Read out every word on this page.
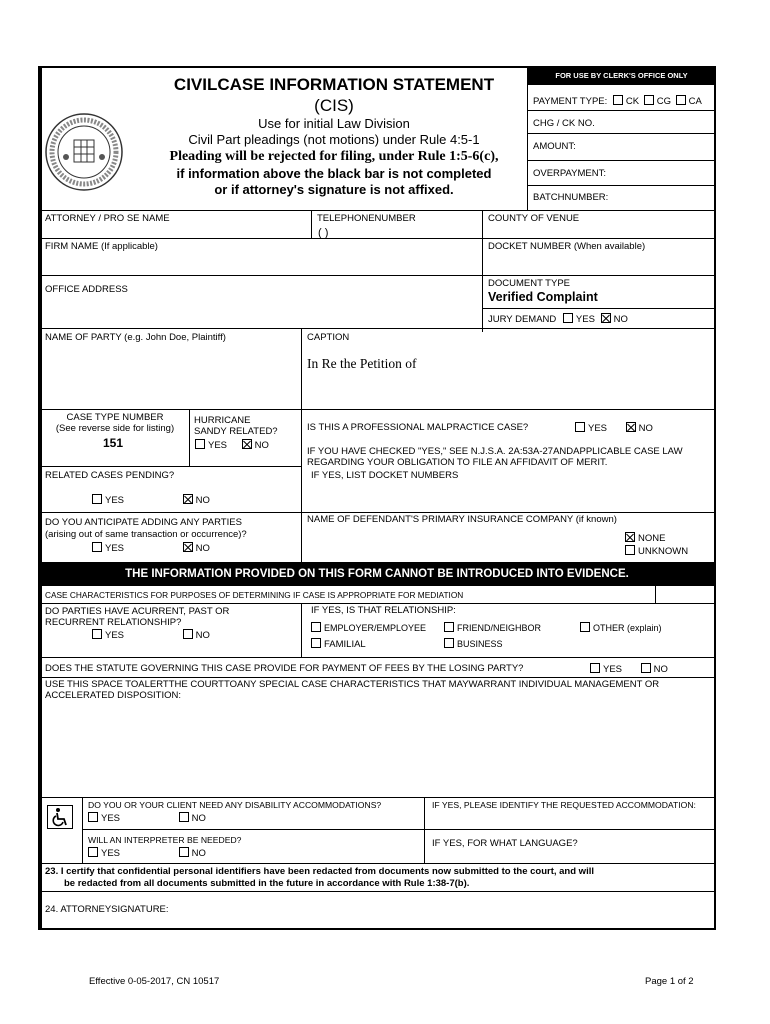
CIVILCASE INFORMATION STATEMENT
(CIS)
Use for initial Law Division
Civil Part pleadings (not motions) under Rule 4:5-1
Pleading will be rejected for filing, under Rule 1:5-6(c),
if information above the black bar is not completed
or if attorney's signature is not affixed.
FOR USE BY CLERK'S OFFICE ONLY
PAYMENT TYPE: CK CG CA
CHG / CK NO.
AMOUNT:
OVERPAYMENT:
BATCHNUMBER:
ATTORNEY / PRO SE NAME	TELEPHONENUMBER
( )
COUNTY OF VENUE
FIRM NAME (If applicable)	DOCKET NUMBER (When available)
OFFICE ADDRESS
DOCUMENT TYPE
Verified Complaint
JURY DEMAND YES NO
NAME OF PARTY (e.g. John Doe, Plaintiff)	CAPTION
In Re the Petition of
CASE TYPE NUMBER
(See reverse side for listing)
151
HURRICANE
SANDY RELATED?
YES	NO
IS THIS A PROFESSIONAL MALPRACTICE CASE?	YES	NO
IF YOU HAVE CHECKED "YES," SEE N.J.S.A. 2A:53A-27ANDAPPLICABLE CASE LAW
REGARDING YOUR OBLIGATION TO FILE AN AFFIDAVIT OF MERIT.
RELATED CASES PENDING?	IF YES, LIST DOCKET NUMBERS
YES	NO
DO YOU ANTICIPATE ADDING ANY PARTIES
(arising out of same transaction or occurrence)?
YES	NO
NAME OF DEFENDANT'S PRIMARY INSURANCE COMPANY (if known)
NONE
UNKNOWN
THE INFORMATION PROVIDED ON THIS FORM CANNOT BE INTRODUCED INTO EVIDENCE.
CASE CHARACTERISTICS FOR PURPOSES OF DETERMINING IF CASE IS APPROPRIATE FOR MEDIATION
DO PARTIES HAVE ACURRENT, PAST OR
RECURRENT RELATIONSHIP?
YES	NO
IF YES, IS THAT RELATIONSHIP:
EMPLOYER/EMPLOYEE	FRIEND/NEIGHBOR	OTHER (explain)
FAMILIAL	BUSINESS
DOES THE STATUTE GOVERNING THIS CASE PROVIDE FOR PAYMENT OF FEES BY THE LOSING PARTY?	YES	NO
USE THIS SPACE TOALERTTHE COURTTOANY SPECIAL CASE CHARACTERISTICS THAT MAYWARRANT INDIVIDUAL MANAGEMENT OR
ACCELERATED DISPOSITION:
DO YOU OR YOUR CLIENT NEED ANY DISABILITY ACCOMMODATIONS?
YES	NO
IF YES, PLEASE IDENTIFY THE REQUESTED ACCOMMODATION:
WILL AN INTERPRETER BE NEEDED?
YES	NO
IF YES, FOR WHAT LANGUAGE?
23. I certify that confidential personal identifiers have been redacted from documents now submitted to the court, and will
be redacted from all documents submitted in the future in accordance with Rule 1:38-7(b).
24. ATTORNEYSIGNATURE:
Effective 0-05-2017, CN 10517	Page 1 of 2
